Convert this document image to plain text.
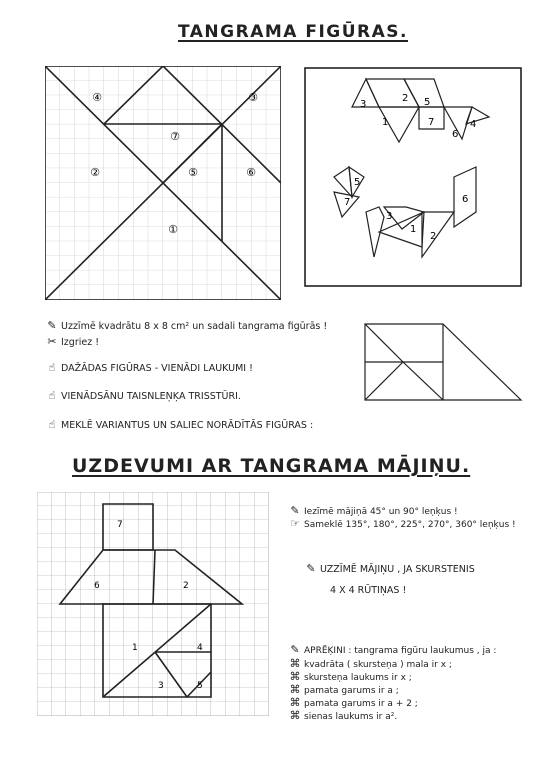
TANGRAMA FIGŪRAS.
④	③
⑦
②	⑤	⑥
①
3
2 5
1	7
6
4
5
7
3
1
2
6
✎ Uzzīmē kvadrātu 8 x 8 cm² un sadali tangrama figūrās !
✂ Izgriez !
☝ DAŽĀDAS FIGŪRAS - VIENĀDI LAUKUMI !
☝ VIENĀDSĀNU TAISNLEŅĶA TRISSTŪRI.
☝ MEKLĒ VARIANTUS UN SALIEC NORĀDĪTĀS FIGŪRAS :
UZDEVUMI AR TANGRAMA MĀJIŅU.
7
6	2
1	4
3	5
✎ Iezīmē mājiņā 45° un 90° leņķus !
☞ Sameklē 135°, 180°, 225°, 270°, 360° leņķus !
✎ UZZĪMĒ MĀJIŅU , JA SKURSTENIS
4 X 4 RŪTIŅAS !
✎ APRĒĶINI : tangrama figūru laukumus , ja :
⌘ kvadrāta ( skursteņa ) mala ir x ;
⌘ skursteņa laukums ir x ;
⌘ pamata garums ir a ;
⌘ pamata garums ir a + 2 ;
⌘ sienas laukums ir a².
